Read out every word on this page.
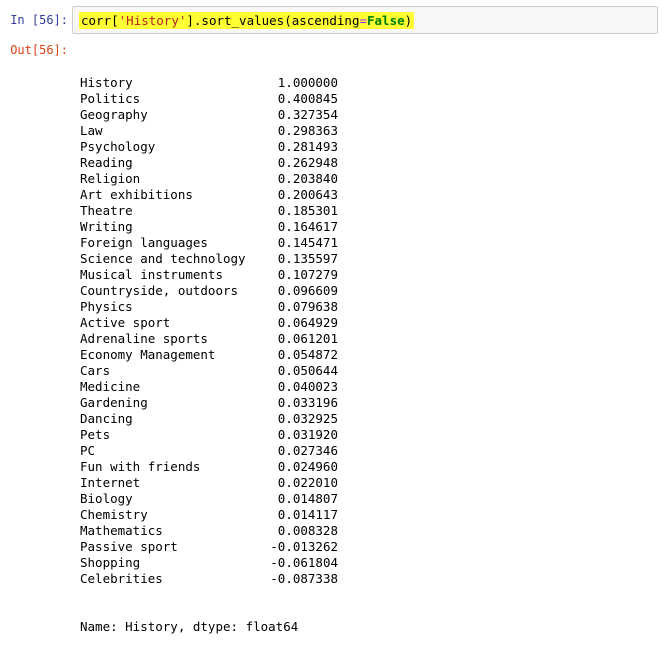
In [56]: corr['History'].sort_values(ascending=False)
Out[56]:

History	1.000000
Politics	0.400845
Geography	0.327354
Law	0.298363
Psychology	0.281493
Reading	0.262948
Religion	0.203840
Art exhibitions	0.200643
Theatre	0.185301
Writing	0.164617
Foreign languages	0.145471
Science and technology	0.135597
Musical instruments	0.107279
Countryside, outdoors	0.096609
Physics	0.079638
Active sport	0.064929
Adrenaline sports	0.061201
Economy Management	0.054872
Cars	0.050644
Medicine	0.040023
Gardening	0.033196
Dancing	0.032925
Pets	0.031920
PC	0.027346
Fun with friends	0.024960
Internet	0.022010
Biology	0.014807
Chemistry	0.014117
Mathematics	0.008328
Passive sport	-0.013262
Shopping	-0.061804
Celebrities	-0.087338

Name: History, dtype: float64
